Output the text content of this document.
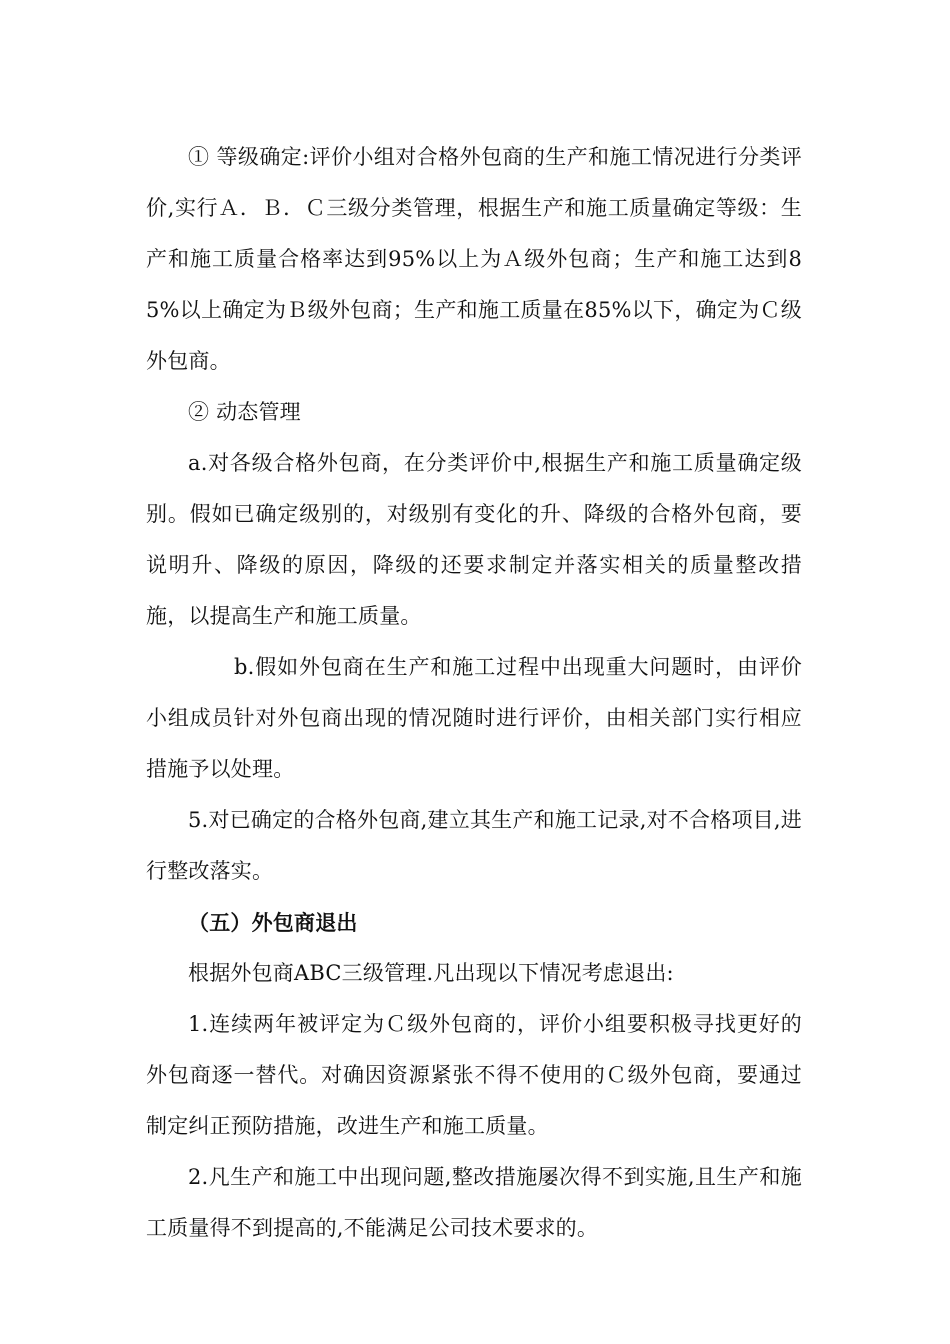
① 等级确定:评价小组对合格外包商的生产和施工情况进行分类评价,实行Ａ．Ｂ．Ｃ三级分类管理，根据生产和施工质量确定等级：生产和施工质量合格率达到95%以上为Ａ级外包商；生产和施工达到85%以上确定为Ｂ级外包商；生产和施工质量在85%以下，确定为Ｃ级外包商。

② 动态管理

a.对各级合格外包商，在分类评价中,根据生产和施工质量确定级别。假如已确定级别的，对级别有变化的升、降级的合格外包商，要说明升、降级的原因，降级的还要求制定并落实相关的质量整改措施，以提高生产和施工质量。

b.假如外包商在生产和施工过程中出现重大问题时，由评价小组成员针对外包商出现的情况随时进行评价，由相关部门实行相应措施予以处理。

5.对已确定的合格外包商,建立其生产和施工记录,对不合格项目,进行整改落实。

（五）外包商退出

根据外包商ABC三级管理.凡出现以下情况考虑退出:

1.连续两年被评定为Ｃ级外包商的，评价小组要积极寻找更好的外包商逐一替代。对确因资源紧张不得不使用的Ｃ级外包商，要通过制定纠正预防措施，改进生产和施工质量。

2.凡生产和施工中出现问题,整改措施屡次得不到实施,且生产和施工质量得不到提高的,不能满足公司技术要求的。
